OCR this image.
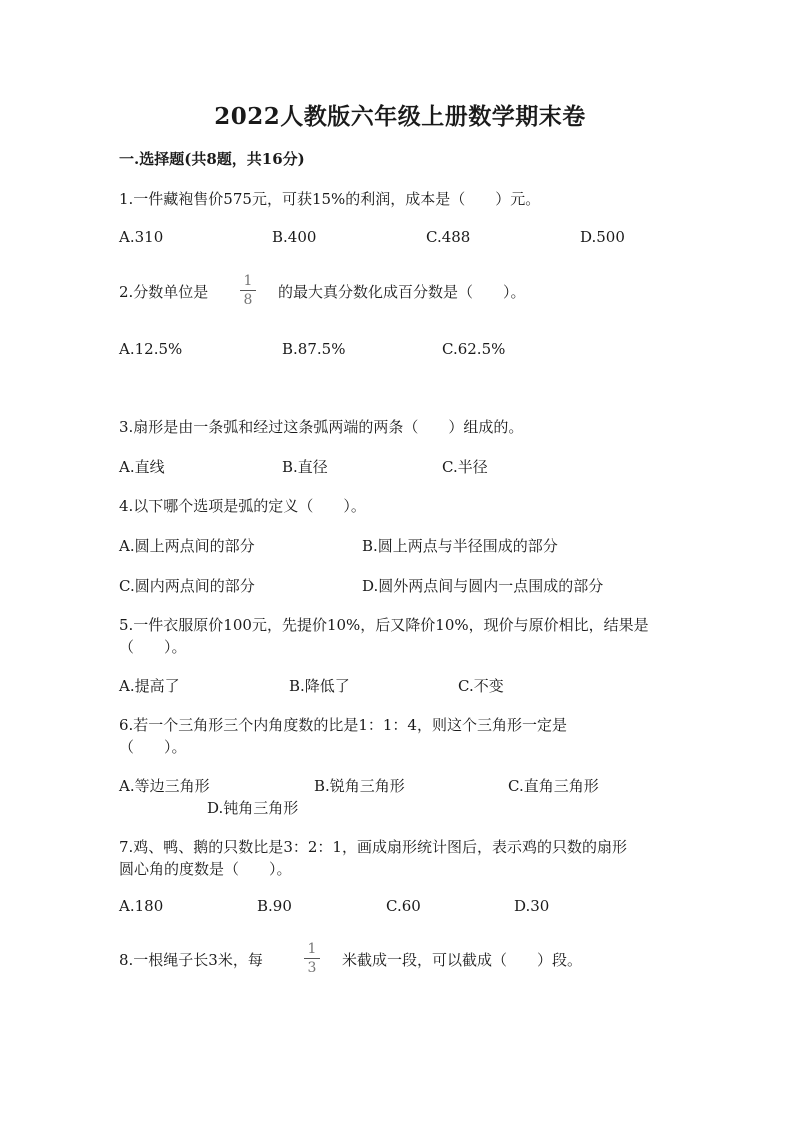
2022人教版六年级上册数学期末卷
一.选择题(共8题，共16分)
1.一件藏袍售价575元，可获15%的利润，成本是（　　）元。
A.310	B.400	C.488	D.500
2.分数单位是
1
8 的最大真分数化成百分数是（　　）。
A.12.5%	B.87.5%	C.62.5%
3.扇形是由一条弧和经过这条弧两端的两条（　　）组成的。
A.直线	B.直径	C.半径
4.以下哪个选项是弧的定义（　　）。
A.圆上两点间的部分	B.圆上两点与半径围成的部分
C.圆内两点间的部分	D.圆外两点间与圆内一点围成的部分
5.一件衣服原价100元，先提价10%，后又降价10%，现价与原价相比，结果是
（　　）。
A.提高了	B.降低了	C.不变
6.若一个三角形三个内角度数的比是1：1：4，则这个三角形一定是
（　　）。
A.等边三角形	B.锐角三角形	C.直角三角形
D.钝角三角形
7.鸡、鸭、鹅的只数比是3：2：1，画成扇形统计图后，表示鸡的只数的扇形
圆心角的度数是（　　）。
A.180	B.90	C.60	D.30
8.一根绳子长3米，每
1
3 米截成一段，可以截成（　　）段。
